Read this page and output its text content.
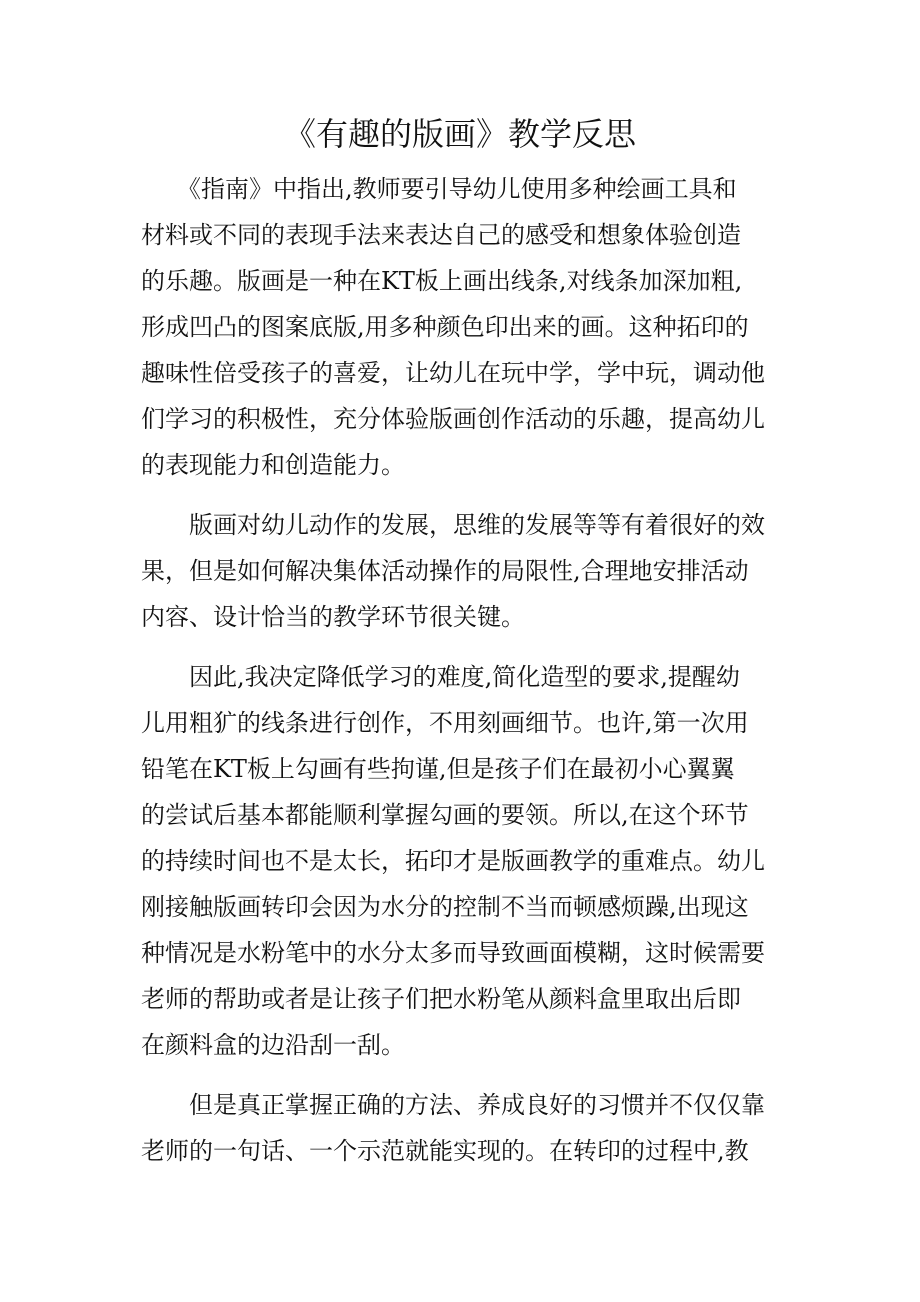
《有趣的版画》教学反思

　　《指南》中指出,教师要引导幼儿使用多种绘画工具和
材料或不同的表现手法来表达自己的感受和想象体验创造
的乐趣。版画是一种在KT板上画出线条,对线条加深加粗,
形成凹凸的图案底版,用多种颜色印出来的画。这种拓印的
趣味性倍受孩子的喜爱，让幼儿在玩中学，学中玩，调动他
们学习的积极性，充分体验版画创作活动的乐趣，提高幼儿
的表现能力和创造能力。

　　版画对幼儿动作的发展，思维的发展等等有着很好的效
果，但是如何解决集体活动操作的局限性,合理地安排活动
内容、设计恰当的教学环节很关键。

　　因此,我决定降低学习的难度,简化造型的要求,提醒幼
儿用粗犷的线条进行创作，不用刻画细节。也许,第一次用
铅笔在KT板上勾画有些拘谨,但是孩子们在最初小心翼翼
的尝试后基本都能顺利掌握勾画的要领。所以,在这个环节
的持续时间也不是太长，拓印才是版画教学的重难点。幼儿
刚接触版画转印会因为水分的控制不当而顿感烦躁,出现这
种情况是水粉笔中的水分太多而导致画面模糊，这时候需要
老师的帮助或者是让孩子们把水粉笔从颜料盒里取出后即
在颜料盒的边沿刮一刮。

　　但是真正掌握正确的方法、养成良好的习惯并不仅仅靠
老师的一句话、一个示范就能实现的。在转印的过程中,教
